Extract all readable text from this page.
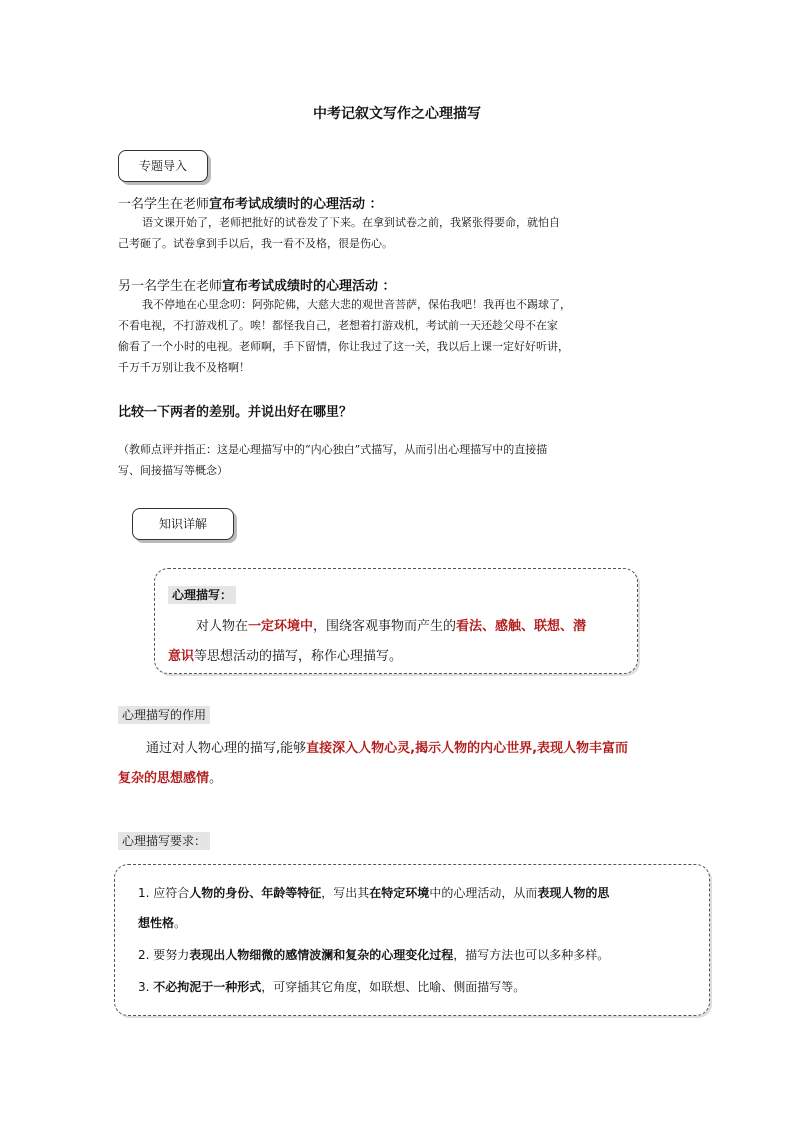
中考记叙文写作之心理描写
专题导入
一名学生在老师宣布考试成绩时的心理活动 ：
语文课开始了，老师把批好的试卷发了下来。在拿到试卷之前，我紧张得要命，就怕自
己考砸了。试卷拿到手以后，我一看不及格，很是伤心。
另一名学生在老师宣布考试成绩时的心理活动 ：
我不停地在心里念叨：阿弥陀佛，大慈大悲的观世音菩萨，保佑我吧！我再也不踢球了，
不看电视，不打游戏机了。唉！都怪我自己，老想着打游戏机，考试前一天还趁父母不在家
偷看了一个小时的电视。老师啊，手下留情，你让我过了这一关，我以后上课一定好好听讲，
千万千万别让我不及格啊！
比较一下两者的差别。并说出好在哪里？
（教师点评并指正：这是心理描写中的“内心独白”式描写，从而引出心理描写中的直接描
写、间接描写等概念）
知识详解
心理描写：
对人物在一定环境中，围绕客观事物而产生的看法、感触、联想、潜
意识等思想活动的描写，称作心理描写。
心理描写的作用
通过对人物心理的描写,能够直接深入人物心灵,揭示人物的内心世界,表现人物丰富而
复杂的思想感情。
心理描写要求：
1. 应符合人物的身份、年龄等特征，写出其在特定环境中的心理活动，从而表现人物的思
想性格。
2. 要努力表现出人物细微的感情波澜和复杂的心理变化过程，描写方法也可以多种多样。
3. 不必拘泥于一种形式，可穿插其它角度，如联想、比喻、侧面描写等。
